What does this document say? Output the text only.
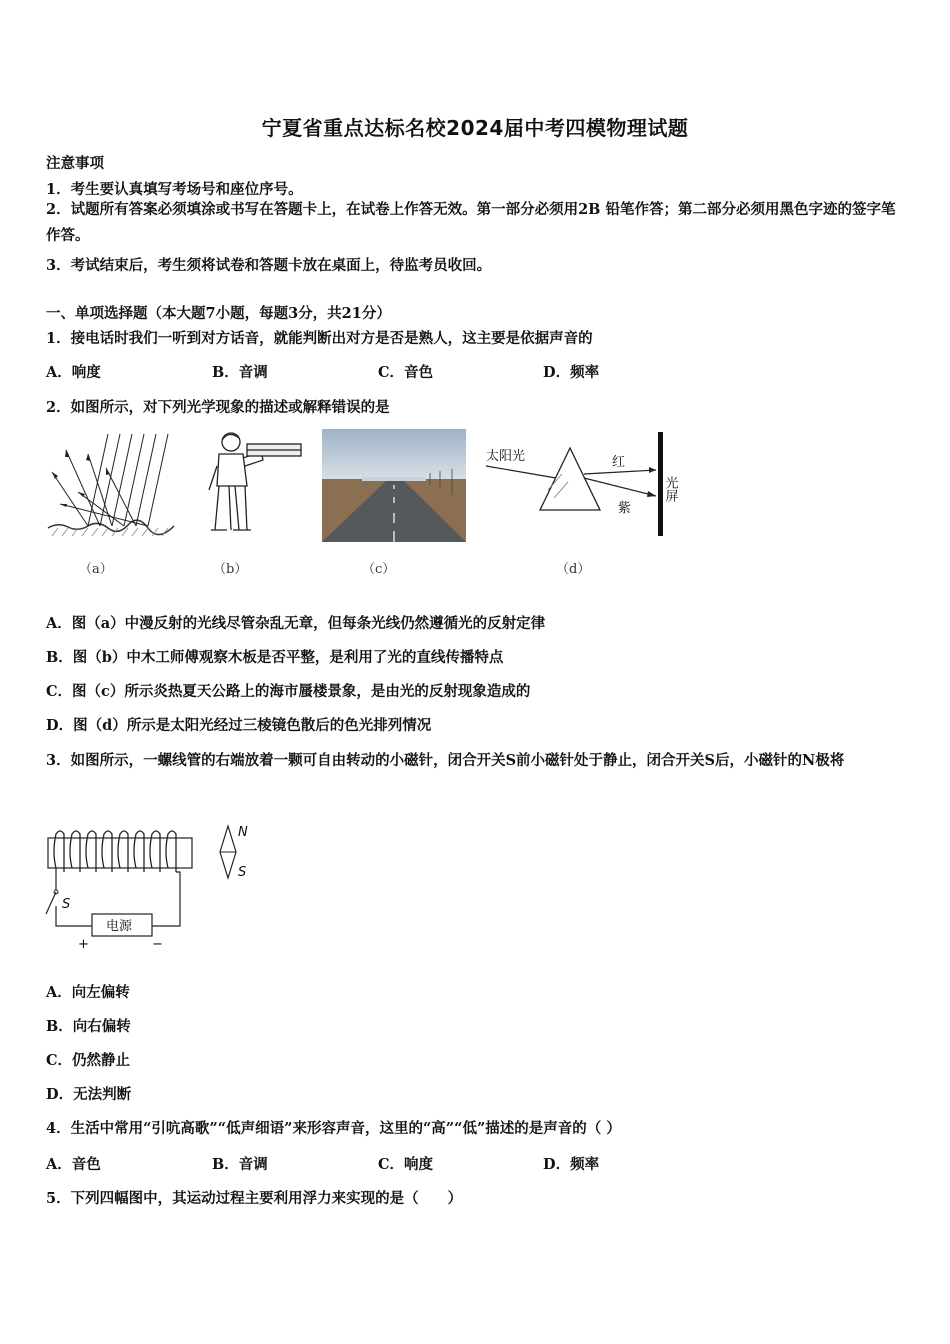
宁夏省重点达标名校2024届中考四模物理试题
注意事项
1．考生要认真填写考场号和座位序号。
2．试题所有答案必须填涂或书写在答题卡上，在试卷上作答无效。第一部分必须用2B 铅笔作答；第二部分必须用黑色字迹的签字笔作答。
3．考试结束后，考生须将试卷和答题卡放在桌面上，待监考员收回。
一、单项选择题（本大题7小题，每题3分，共21分）
1．接电话时我们一听到对方话音，就能判断出对方是否是熟人，这主要是依据声音的
A．响度	B．音调	C．音色	D．频率
2．如图所示，对下列光学现象的描述或解释错误的是
太阳光	红
紫
光屏
（a）	（b）	（c）	（d）
A．图（a）中漫反射的光线尽管杂乱无章，但每条光线仍然遵循光的反射定律
B．图（b）中木工师傅观察木板是否平整，是利用了光的直线传播特点
C．图（c）所示炎热夏天公路上的海市蜃楼景象，是由光的反射现象造成的
D．图（d）所示是太阳光经过三棱镜色散后的色光排列情况
3．如图所示，一螺线管的右端放着一颗可自由转动的小磁针，闭合开关S前小磁针处于静止，闭合开关S后，小磁针的N极将
S
电源
+	−
N
S
A．向左偏转
B．向右偏转
C．仍然静止
D．无法判断
4．生活中常用“引吭高歌”“低声细语”来形容声音，这里的“高”“低”描述的是声音的（ ）
A．音色	B．音调	C．响度	D．频率
5．下列四幅图中，其运动过程主要利用浮力来实现的是（　　）
